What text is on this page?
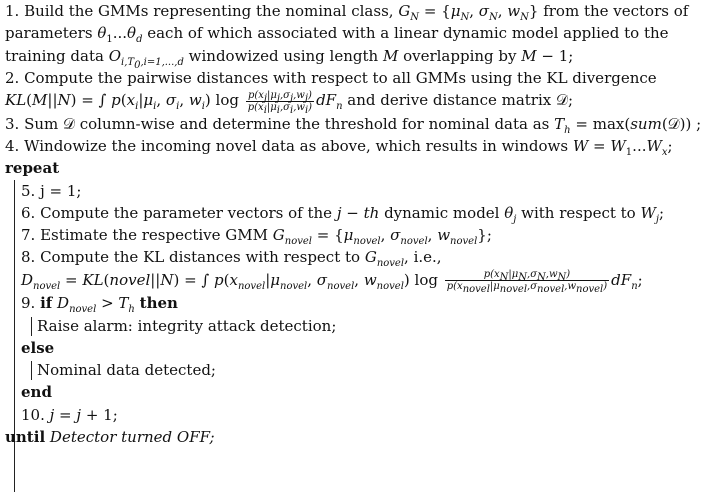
1. Build the GMMs representing the nominal class, $G_N = \{\mu_N$, $\sigma_N$, $w_N$} from the vectors of
parameters $\theta_1...\theta_d$ each of which associated with a linear dynamic model applied to the
training data $O_{i,T_0,i=1,...,d}$ windowized using length M overlapping by M − 1;
2. Compute the pairwise distances with respect to all GMMs using the KL divergence
KL(M||N) = ∫ $p(x_i|\mu_i$, $\sigma_i$, $w_i$) $\log \frac{p(x_j|\mu_j,\sigma_j,w_j)}{p(x_i|\mu_i,\sigma_i,w_i)} dF_n$ and derive distance matrix 𝒟;
3. Sum 𝒟 column-wise and determine the threshold for nominal data as $T_h$ = max(sum(𝒟)) ;
4. Windowize the incoming novel data as above, which results in windows $W = W_1...W_x$;
repeat
5. j = 1;
6. Compute the parameter vectors of the j − th dynamic model $\theta_j$ with respect to $W_j$;
7. Estimate the respective GMM $G_{novel} = \{\mu_{novel}$, $\sigma_{novel}$, $w_{novel}$};
8. Compute the KL distances with respect to $G_{novel}$, i.e.,
$D_{novel}$ = KL(novel||N) = ∫ $p(x_{novel}|\mu_{novel}$, $\sigma_{novel}$, $w_{novel}$) $\log \frac{p(x_N|\mu_N,\sigma_N,w_N)}{p(x_{novel}|\mu_{novel},\sigma_{novel},w_{novel})} dF_n$;
9. if $D_{novel} > T_h$ then
Raise alarm: integrity attack detection;
else
Nominal data detected;
end
10. j = j + 1;
until Detector turned OFF;
